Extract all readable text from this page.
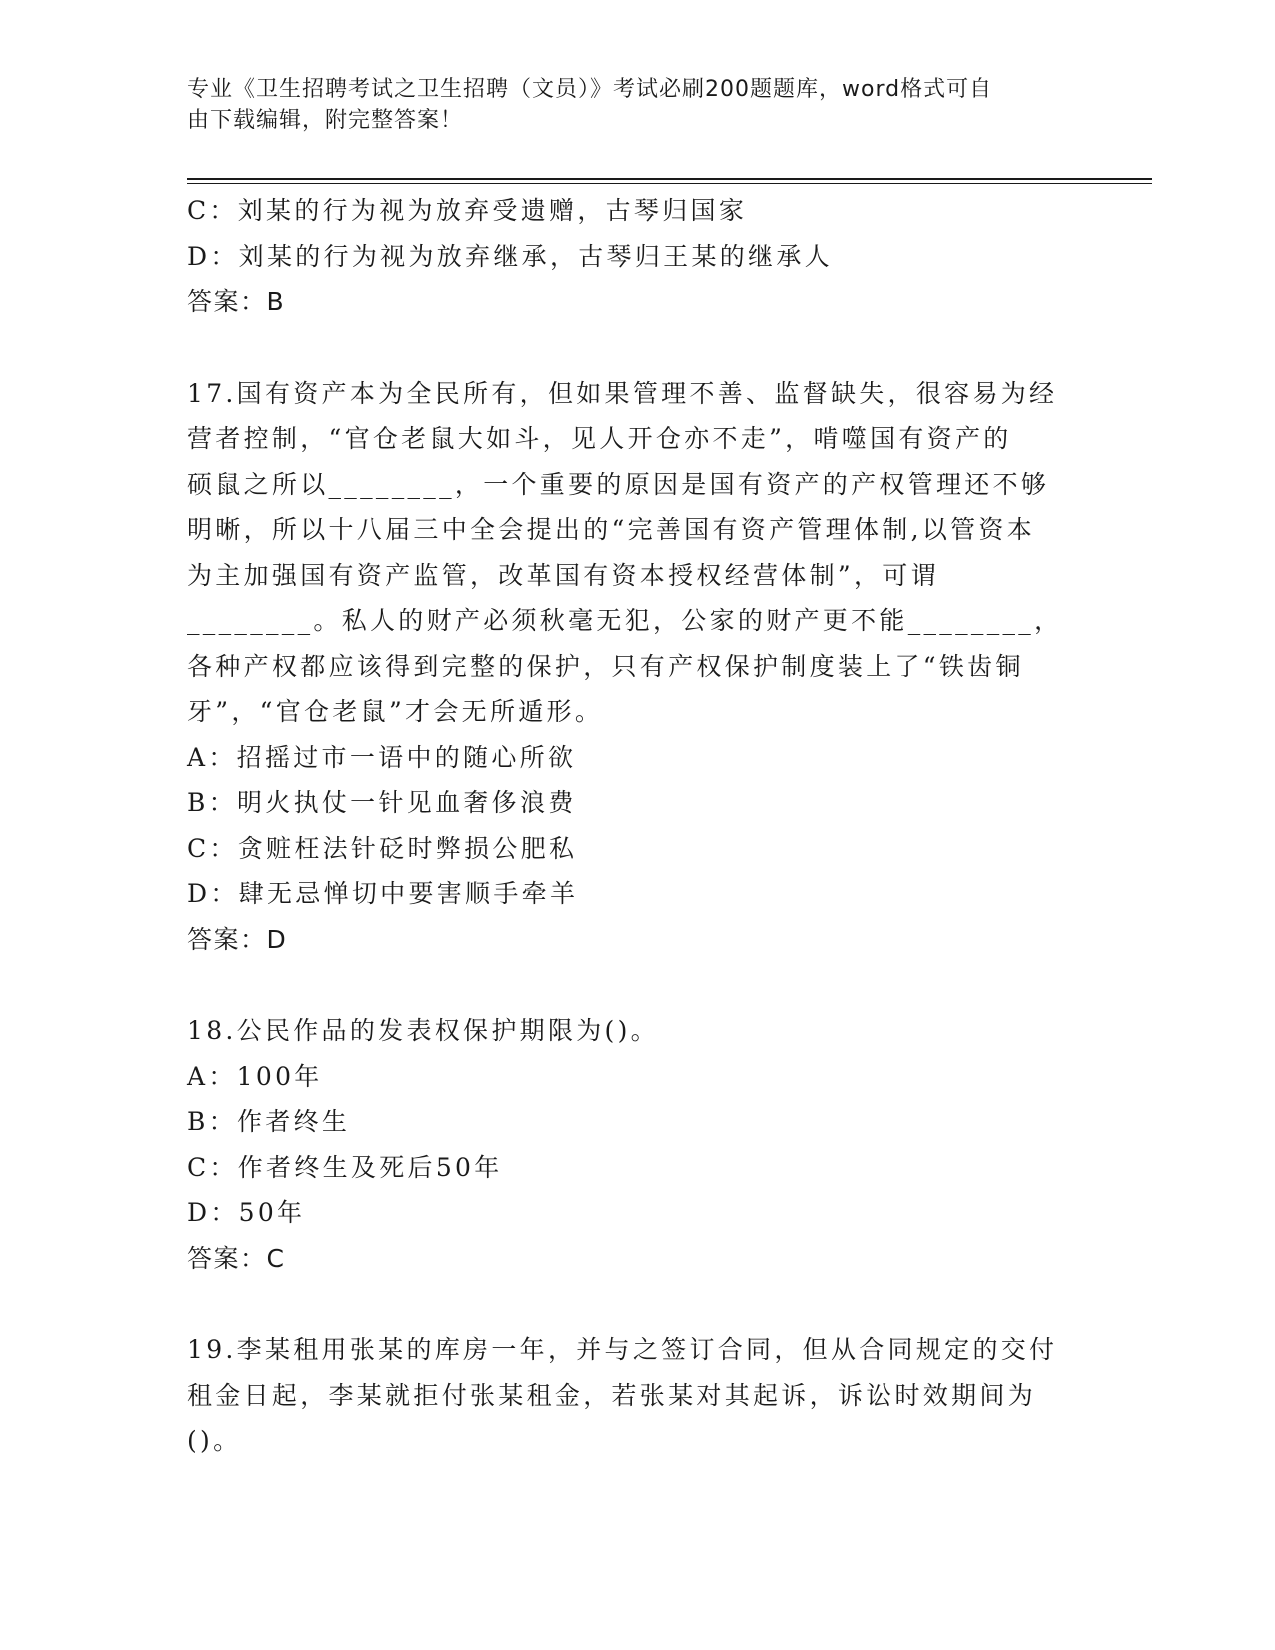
专业《卫生招聘考试之卫生招聘（文员）》考试必刷200题题库，word格式可自
由下载编辑，附完整答案！
C：刘某的行为视为放弃受遗赠，古琴归国家
D：刘某的行为视为放弃继承，古琴归王某的继承人
答案：B
17.国有资产本为全民所有，但如果管理不善、监督缺失，很容易为经
营者控制，“官仓老鼠大如斗，见人开仓亦不走”，啃噬国有资产的
硕鼠之所以________，一个重要的原因是国有资产的产权管理还不够
明晰，所以十八届三中全会提出的“完善国有资产管理体制,以管资本
为主加强国有资产监管，改革国有资本授权经营体制”，可谓
________。私人的财产必须秋毫无犯，公家的财产更不能________，
各种产权都应该得到完整的保护，只有产权保护制度装上了“铁齿铜
牙”，“官仓老鼠”才会无所遁形。
A：招摇过市一语中的随心所欲
B：明火执仗一针见血奢侈浪费
C：贪赃枉法针砭时弊损公肥私
D：肆无忌惮切中要害顺手牵羊
答案：D
18.公民作品的发表权保护期限为()。
A：100年
B：作者终生
C：作者终生及死后50年
D：50年
答案：C
19.李某租用张某的库房一年，并与之签订合同，但从合同规定的交付
租金日起，李某就拒付张某租金，若张某对其起诉，诉讼时效期间为
()。
